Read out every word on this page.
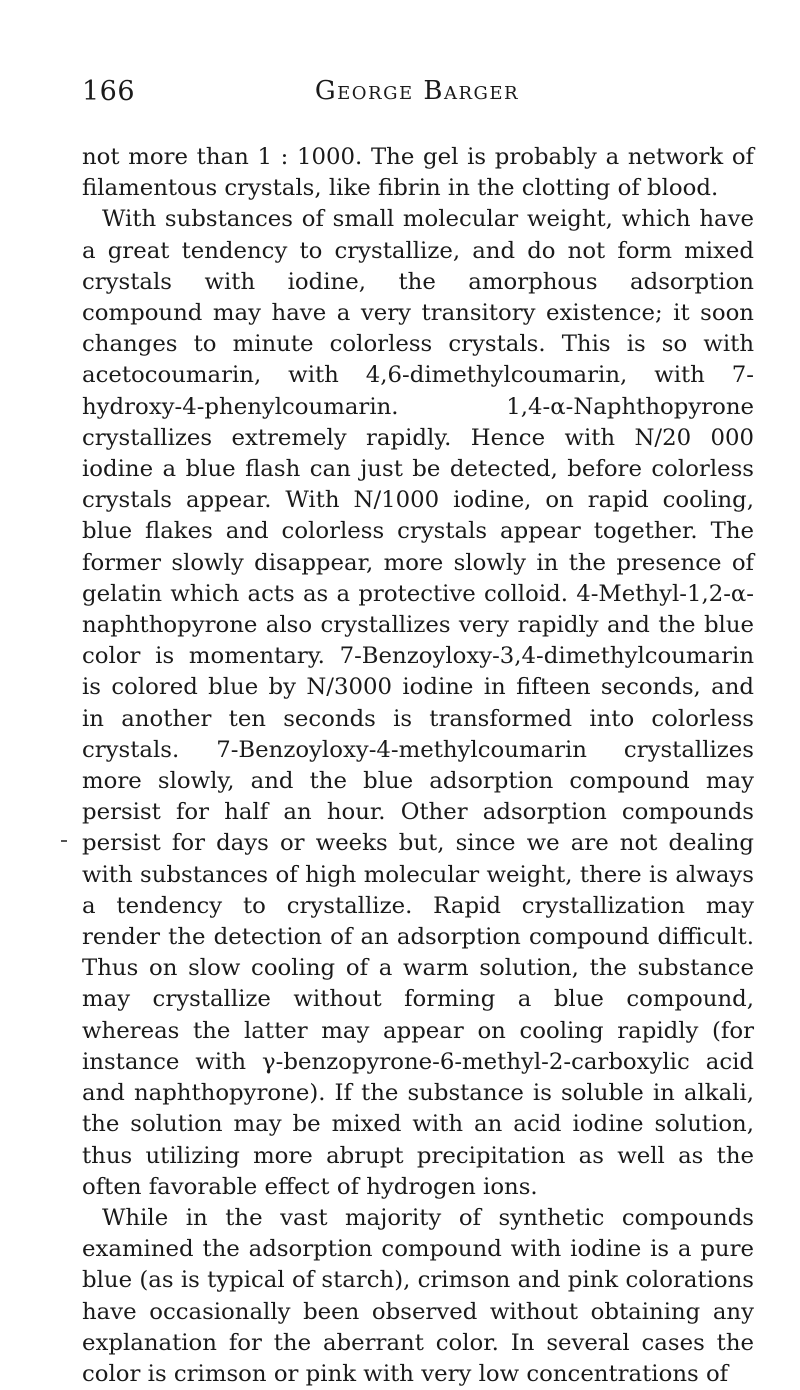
166	George Barger

not more than 1 : 1000. The gel is probably a network of filamentous crystals, like fibrin in the clotting of blood.

With substances of small molecular weight, which have a great tendency to crystallize, and do not form mixed crystals with iodine, the amorphous adsorption compound may have a very transitory existence; it soon changes to minute colorless crystals. This is so with acetocoumarin, with 4,6-dimethylcoumarin, with 7-hydroxy-4-phenylcoumarin. 1,4-α-Naphthopyrone crystallizes extremely rapidly. Hence with N/20 000 iodine a blue flash can just be detected, before colorless crystals appear. With N/1000 iodine, on rapid cooling, blue flakes and colorless crystals appear together. The former slowly disappear, more slowly in the presence of gelatin which acts as a protective colloid. 4-Methyl-1,2-α-naphthopyrone also crystallizes very rapidly and the blue color is momentary. 7-Benzoyloxy-3,4-dimethylcoumarin is colored blue by N/3000 iodine in fifteen seconds, and in another ten seconds is transformed into colorless crystals. 7-Benzoyloxy-4-methylcoumarin crystallizes more slowly, and the blue adsorption compound may persist for half an hour. Other adsorption compounds persist for days or weeks but, since we are not dealing with substances of high molecular weight, there is always a tendency to crystallize. Rapid crystallization may render the detection of an adsorption compound difficult. Thus on slow cooling of a warm solution, the substance may crystallize without forming a blue compound, whereas the latter may appear on cooling rapidly (for instance with γ-benzopyrone-6-methyl-2-carboxylic acid and naphthopyrone). If the substance is soluble in alkali, the solution may be mixed with an acid iodine solution, thus utilizing more abrupt precipitation as well as the often favorable effect of hydrogen ions.

While in the vast majority of synthetic compounds examined the adsorption compound with iodine is a pure blue (as is typical of starch), crimson and pink colorations have occasionally been observed without obtaining any explanation for the aberrant color. In several cases the color is crimson or pink with very low concentrations of
